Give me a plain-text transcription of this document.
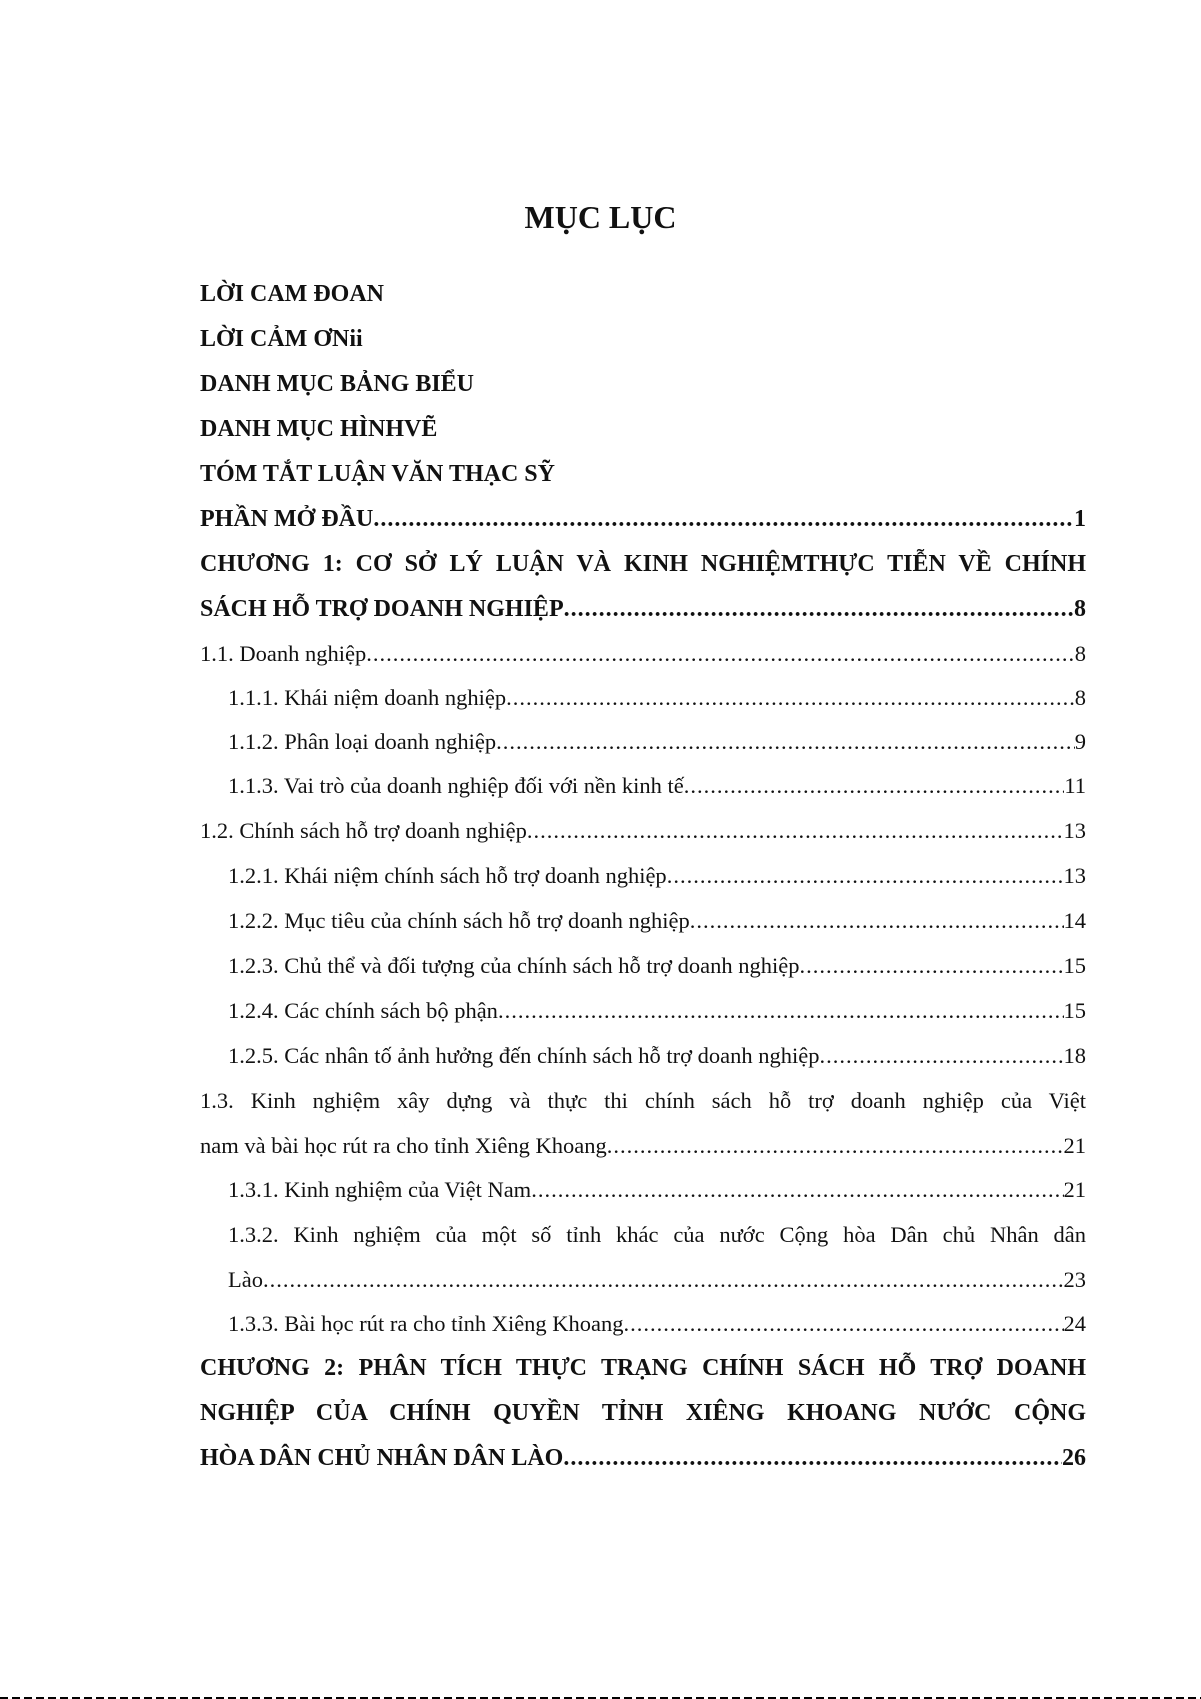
MỤC LỤC
LỜI CAM ĐOAN
LỜI CẢM ƠNii
DANH MỤC BẢNG BIỂU
DANH MỤC HÌNHVẼ
TÓM TẮT LUẬN VĂN THẠC SỸ
PHẦN MỞ ĐẦU .....	1
CHƯƠNG 1: CƠ SỞ LÝ LUẬN VÀ KINH NGHIỆMTHỰC TIỄN VỀ CHÍNH
SÁCH HỖ TRỢ DOANH NGHIỆP .....	8
1.1. Doanh nghiệp .....	8
1.1.1. Khái niệm doanh nghiệp .....	8
1.1.2. Phân loại doanh nghiệp .....	9
1.1.3. Vai trò của doanh nghiệp đối với nền kinh tế .....	11
1.2. Chính sách hỗ trợ doanh nghiệp .....	13
1.2.1. Khái niệm chính sách hỗ trợ doanh nghiệp .....	13
1.2.2. Mục tiêu của chính sách hỗ trợ doanh nghiệp .....	14
1.2.3. Chủ thể và đối tượng của chính sách hỗ trợ doanh nghiệp .....	15
1.2.4. Các chính sách bộ phận .....	15
1.2.5. Các nhân tố ảnh hưởng đến chính sách hỗ trợ doanh nghiệp .....	18
1.3. Kinh nghiệm xây dựng và thực thi chính sách hỗ trợ doanh nghiệp của Việt
nam và bài học rút ra cho tỉnh Xiêng Khoang .....	21
1.3.1. Kinh nghiệm của Việt Nam .....	21
1.3.2. Kinh nghiệm của một số tỉnh khác của nước Cộng hòa Dân chủ Nhân dân
Lào .....	23
1.3.3. Bài học rút ra cho tỉnh Xiêng Khoang .....	24
CHƯƠNG 2: PHÂN TÍCH THỰC TRẠNG CHÍNH SÁCH HỖ TRỢ DOANH
NGHIỆP CỦA CHÍNH QUYỀN TỈNH XIÊNG KHOANG NƯỚC CỘNG
HÒA DÂN CHỦ NHÂN DÂN LÀO .....	26
